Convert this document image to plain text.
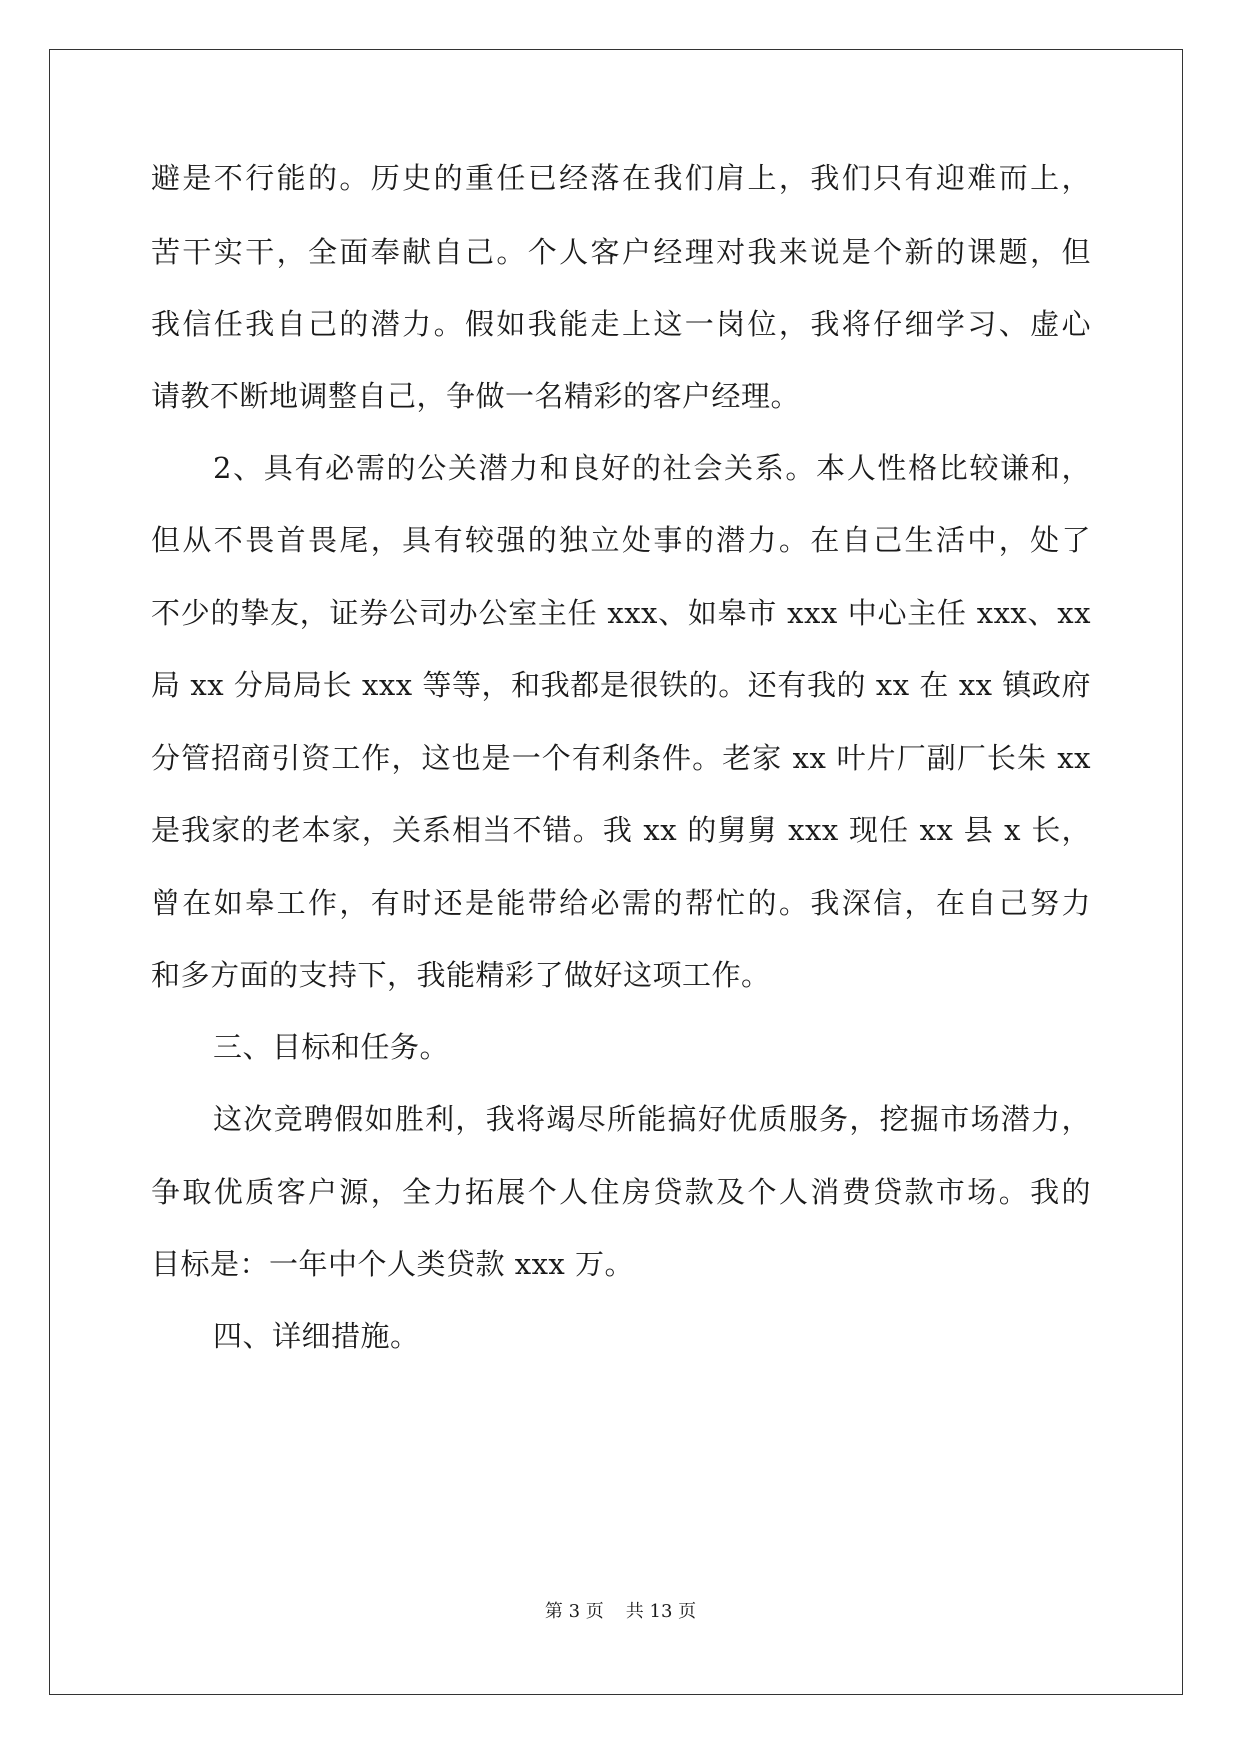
避是不行能的。历史的重任已经落在我们肩上，我们只有迎难而上，
苦干实干，全面奉献自己。个人客户经理对我来说是个新的课题，但
我信任我自己的潜力。假如我能走上这一岗位，我将仔细学习、虚心
请教不断地调整自己，争做一名精彩的客户经理。
2、具有必需的公关潜力和良好的社会关系。本人性格比较谦和，
但从不畏首畏尾，具有较强的独立处事的潜力。在自己生活中，处了
不少的挚友，证券公司办公室主任 xxx、如皋市 xxx 中心主任 xxx、xx
局 xx 分局局长 xxx 等等，和我都是很铁的。还有我的 xx 在 xx 镇政府
分管招商引资工作，这也是一个有利条件。老家 xx 叶片厂副厂长朱 xx
是我家的老本家，关系相当不错。我 xx 的舅舅 xxx 现任 xx 县 x 长，
曾在如皋工作，有时还是能带给必需的帮忙的。我深信，在自己努力
和多方面的支持下，我能精彩了做好这项工作。
三、目标和任务。
这次竞聘假如胜利，我将竭尽所能搞好优质服务，挖掘市场潜力，
争取优质客户源，全力拓展个人住房贷款及个人消费贷款市场。我的
目标是：一年中个人类贷款 xxx 万。
四、详细措施。
第 3 页 共 13 页
